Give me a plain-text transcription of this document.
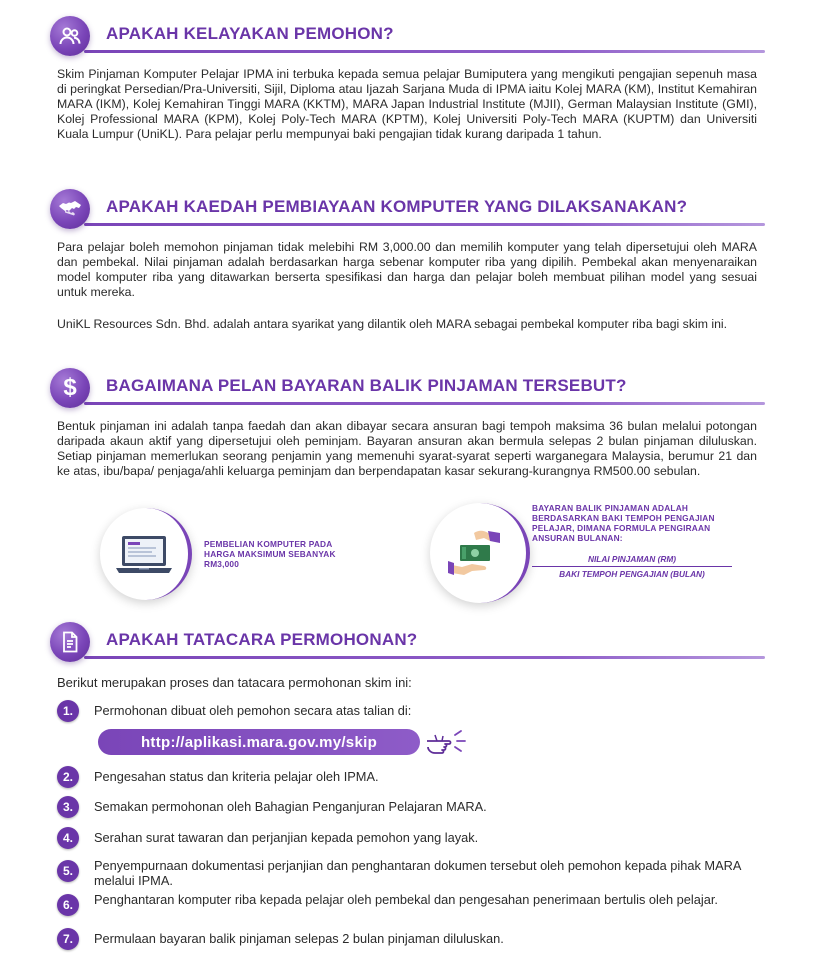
APAKAH KELAYAKAN PEMOHON?

Skim Pinjaman Komputer Pelajar IPMA ini terbuka kepada semua pelajar Bumiputera yang mengikuti pengajian sepenuh masa di peringkat Persedian/Pra-Universiti, Sijil, Diploma atau Ijazah Sarjana Muda di IPMA iaitu Kolej MARA (KM), Institut Kemahiran MARA (IKM), Kolej Kemahiran Tinggi MARA (KKTM), MARA Japan Industrial Institute (MJII), German Malaysian Institute (GMI), Kolej Professional MARA (KPM), Kolej Poly-Tech MARA (KPTM), Kolej Universiti Poly-Tech MARA (KUPTM) dan Universiti Kuala Lumpur (UniKL). Para pelajar perlu mempunyai baki pengajian tidak kurang daripada 1 tahun.

APAKAH KAEDAH PEMBIAYAAN KOMPUTER YANG DILAKSANAKAN?

Para pelajar boleh memohon pinjaman tidak melebihi RM 3,000.00 dan memilih komputer yang telah dipersetujui oleh MARA dan pembekal. Nilai pinjaman adalah berdasarkan harga sebenar komputer riba yang dipilih. Pembekal akan menyenaraikan model komputer riba yang ditawarkan berserta spesifikasi dan harga dan pelajar boleh membuat pilihan model yang sesuai untuk mereka.

UniKL Resources Sdn. Bhd. adalah antara syarikat yang dilantik oleh MARA sebagai pembekal komputer riba bagi skim ini.

$	BAGAIMANA PELAN BAYARAN BALIK PINJAMAN TERSEBUT?

Bentuk pinjaman ini adalah tanpa faedah dan akan dibayar secara ansuran bagi tempoh maksima 36 bulan melalui potongan daripada akaun aktif yang dipersetujui oleh peminjam. Bayaran ansuran akan bermula selepas 2 bulan pinjaman diluluskan. Setiap pinjaman memerlukan seorang penjamin yang memenuhi syarat-syarat seperti warganegara Malaysia, berumur 21 dan ke atas, ibu/bapa/ penjaga/ahli keluarga peminjam dan berpendapatan kasar sekurang-kurangnya RM500.00 sebulan.

PEMBELIAN KOMPUTER PADA HARGA MAKSIMUM SEBANYAK RM3,000
BAYARAN BALIK PINJAMAN ADALAH BERDASARKAN BAKI TEMPOH PENGAJIAN PELAJAR, DIMANA FORMULA PENGIRAAN ANSURAN BULANAN:
NILAI PINJAMAN (RM)
BAKI TEMPOH PENGAJIAN (BULAN)
APAKAH TATACARA PERMOHONAN?

Berikut merupakan proses dan tatacara permohonan skim ini:

1.	Permohonan dibuat oleh pemohon secara atas talian di:
http://aplikasi.mara.gov.my/skip
2.	Pengesahan status dan kriteria pelajar oleh IPMA.
3.	Semakan permohonan oleh Bahagian Penganjuran Pelajaran MARA.
4.	Serahan surat tawaran dan perjanjian kepada pemohon yang layak.
5.	Penyempurnaan dokumentasi perjanjian dan penghantaran dokumen tersebut oleh pemohon kepada pihak MARA melalui IPMA.
6.	Penghantaran komputer riba kepada pelajar oleh pembekal dan pengesahan penerimaan bertulis oleh pelajar.
7.	Permulaan bayaran balik pinjaman selepas 2 bulan pinjaman diluluskan.
